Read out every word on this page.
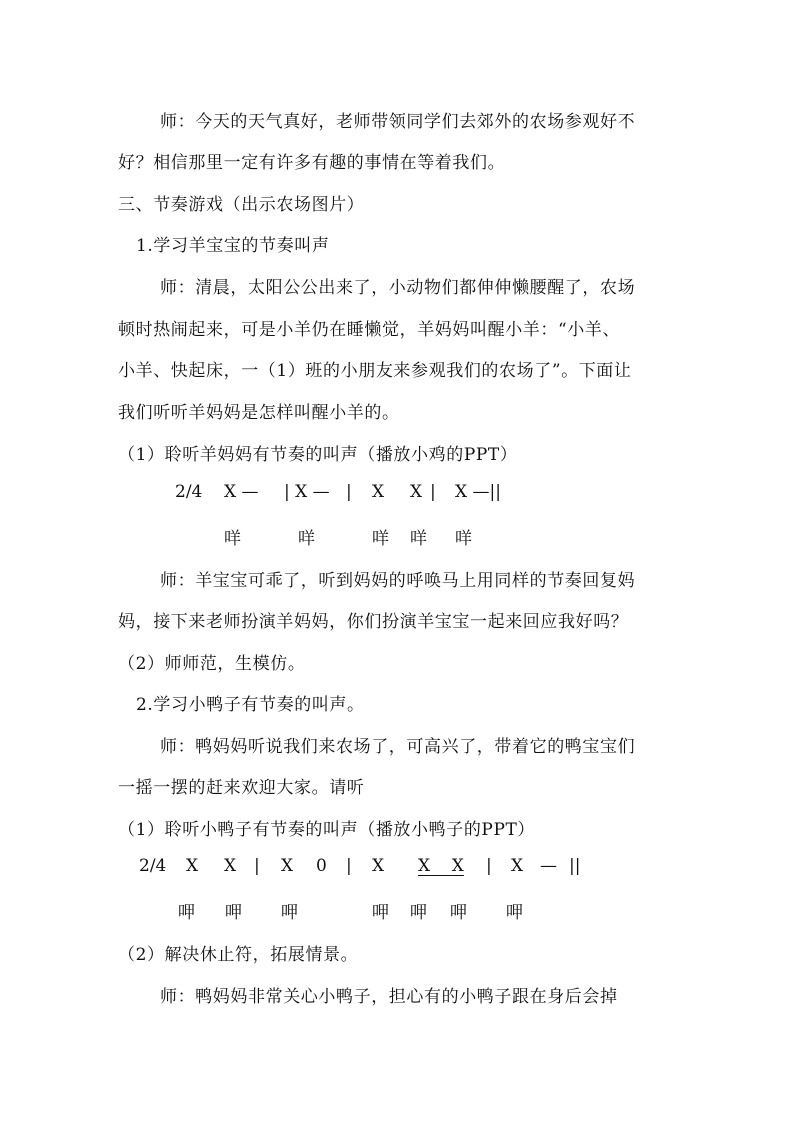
师：今天的天气真好，老师带领同学们去郊外的农场参观好不
好？相信那里一定有许多有趣的事情在等着我们。
三、节奏游戏（出示农场图片）
1.学习羊宝宝的节奏叫声
师：清晨，太阳公公出来了，小动物们都伸伸懒腰醒了，农场
顿时热闹起来，可是小羊仍在睡懒觉，羊妈妈叫醒小羊：“小羊、
小羊、快起床，一（1）班的小朋友来参观我们的农场了”。下面让
我们听听羊妈妈是怎样叫醒小羊的。
（1）聆听羊妈妈有节奏的叫声（播放小鸡的PPT）
2/4 X — | X — | X X | X —||
咩	咩	咩 咩 咩
师：羊宝宝可乖了，听到妈妈的呼唤马上用同样的节奏回复妈
妈，接下来老师扮演羊妈妈，你们扮演羊宝宝一起来回应我好吗？
（2）师师范，生模仿。
2.学习小鸭子有节奏的叫声。
师：鸭妈妈听说我们来农场了，可高兴了，带着它的鸭宝宝们
一摇一摆的赶来欢迎大家。请听
（1）聆听小鸭子有节奏的叫声（播放小鸭子的PPT）
2/4 X X | X 0 | X X X | X — ||
呷 呷 呷	呷 呷 呷 呷
（2）解决休止符，拓展情景。
师：鸭妈妈非常关心小鸭子，担心有的小鸭子跟在身后会掉
